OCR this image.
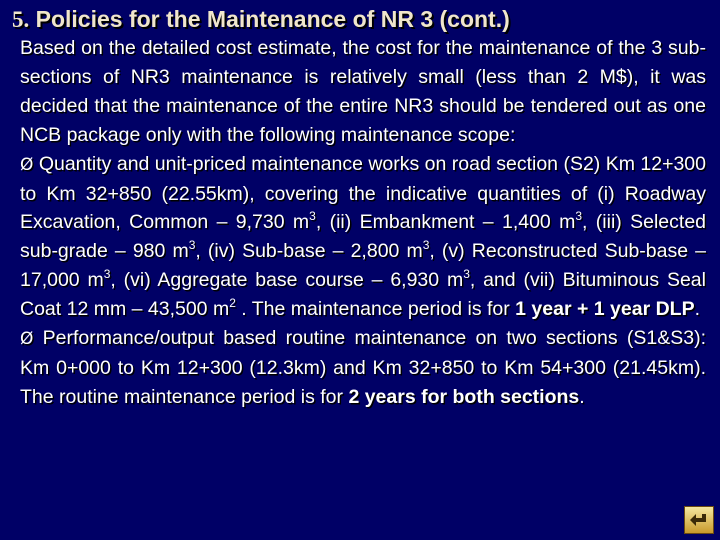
5. Policies for the Maintenance of NR 3 (cont.)

Based on the detailed cost estimate, the cost for the maintenance of the 3 sub-sections of NR3 maintenance is relatively small (less than 2 M$), it was decided that the maintenance of the entire NR3 should be tendered out as one NCB package only with the following maintenance scope:

Ø Quantity and unit-priced maintenance works on road section (S2) Km 12+300 to Km 32+850 (22.55km), covering the indicative quantities of (i) Roadway Excavation, Common – 9,730 $m^3$, (ii) Embankment – 1,400 $m^3$, (iii) Selected sub-grade – 980 $m^3$, (iv) Sub-base – 2,800 $m^3$, (v) Reconstructed Sub-base – 17,000 $m^3$, (vi) Aggregate base course – 6,930 $m^3$, and (vii) Bituminous Seal Coat 12 mm – 43,500 $m^2$ . The maintenance period is for 1 year + 1 year DLP.

Ø Performance/output based routine maintenance on two sections (S1&S3): Km 0+000 to Km 12+300 (12.3km) and Km 32+850 to Km 54+300 (21.45km). The routine maintenance period is for 2 years for both sections.
